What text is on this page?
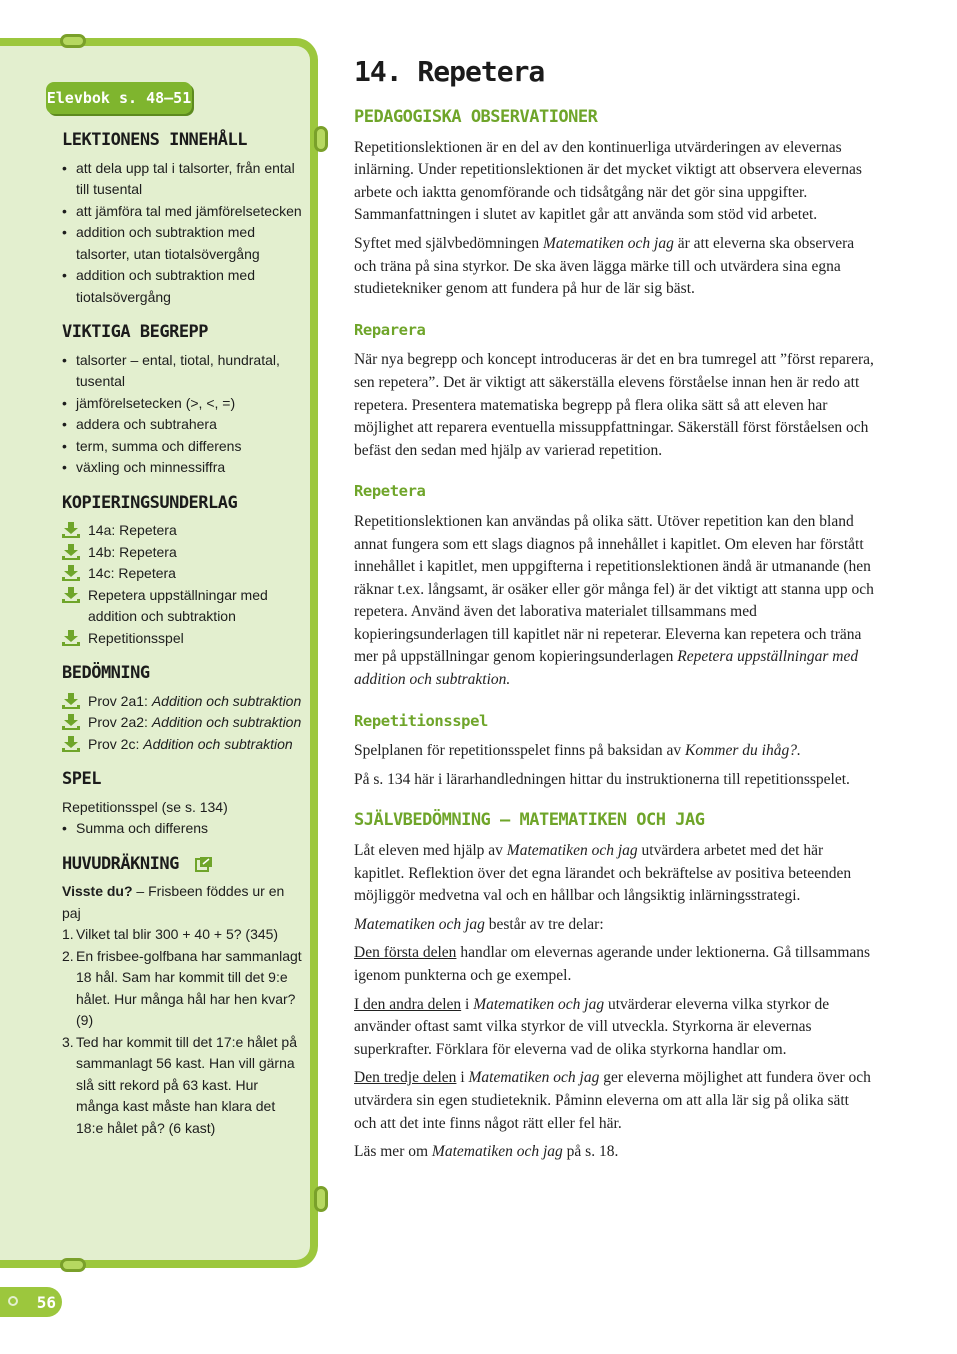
Elevbok s. 48–51
LEKTIONENS INNEHÅLL
• att dela upp tal i talsorter, från ental till tusental
• att jämföra tal med jämförelsetecken
• addition och subtraktion med talsorter, utan tiotalsövergång
• addition och subtraktion med tiotalsövergång
VIKTIGA BEGREPP
• talsorter – ental, tiotal, hundratal, tusental
• jämförelsetecken (>, <, =)
• addera och subtrahera
• term, summa och differens
• växling och minnessiffra
KOPIERINGSUNDERLAG
14a: Repetera
14b: Repetera
14c: Repetera
Repetera uppställningar med addition och subtraktion
Repetitionsspel
BEDÖMNING
Prov 2a1: Addition och subtraktion
Prov 2a2: Addition och subtraktion
Prov 2c: Addition och subtraktion
SPEL
Repetitionsspel (se s. 134)
• Summa och differens
HUVUDRÄKNING
Visste du? – Frisbeen föddes ur en paj
1. Vilket tal blir 300 + 40 + 5? (345)
2. En frisbee-golfbana har sammanlagt 18 hål. Sam har kommit till det 9:e hålet. Hur många hål har hen kvar? (9)
3. Ted har kommit till det 17:e hålet på sammanlagt 56 kast. Han vill gärna slå sitt rekord på 63 kast. Hur många kast måste han klara det 18:e hålet på? (6 kast)
56
14. Repetera
PEDAGOGISKA OBSERVATIONER

Repetitionslektionen är en del av den kontinuerliga utvärderingen av elevernas inlärning. Under repetitionslektionen är det mycket viktigt att observera elevernas arbete och iaktta genomförande och tidsåtgång när det gör sina uppgifter. Sammanfattningen i slutet av kapitlet går att använda som stöd vid arbetet.

Syftet med självbedömningen Matematiken och jag är att eleverna ska observera och träna på sina styrkor. De ska även lägga märke till och utvärdera sina egna studietekniker genom att fundera på hur de lär sig bäst.

Reparera

När nya begrepp och koncept introduceras är det en bra tumregel att ”först reparera, sen repetera”. Det är viktigt att säkerställa elevens förståelse innan hen är redo att repetera. Presentera matematiska begrepp på flera olika sätt så att eleven har möjlighet att reparera eventuella missuppfattningar. Säkerställ först förståelsen och befäst den sedan med hjälp av varierad repetition.

Repetera

Repetitionslektionen kan användas på olika sätt. Utöver repetition kan den bland annat fungera som ett slags diagnos på innehållet i kapitlet. Om eleven har förstått innehållet i kapitlet, men uppgifterna i repetitionslektionen ändå är utmanande (hen räknar t.ex. långsamt, är osäker eller gör många fel) är det viktigt att stanna upp och repetera. Använd även det laborativa materialet tillsammans med kopieringsunderlagen till kapitlet när ni repeterar. Eleverna kan repetera och träna mer på uppställningar genom kopieringsunderlagen Repetera uppställningar med addition och subtraktion.

Repetitionsspel

Spelplanen för repetitionsspelet finns på baksidan av Kommer du ihåg?.

På s. 134 här i lärarhandledningen hittar du instruktionerna till repetitionsspelet.

SJÄLVBEDÖMNING – MATEMATIKEN OCH JAG

Låt eleven med hjälp av Matematiken och jag utvärdera arbetet med det här kapitlet. Reflektion över det egna lärandet och bekräftelse av positiva beteenden möjliggör medvetna val och en hållbar och långsiktig inlärningsstrategi.

Matematiken och jag består av tre delar:

Den första delen handlar om elevernas agerande under lektionerna. Gå tillsammans igenom punkterna och ge exempel.

I den andra delen i Matematiken och jag utvärderar eleverna vilka styrkor de använder oftast samt vilka styrkor de vill utveckla. Styrkorna är elevernas superkrafter. Förklara för eleverna vad de olika styrkorna handlar om.

Den tredje delen i Matematiken och jag ger eleverna möjlighet att fundera över och utvärdera sin egen studieteknik. Påminn eleverna om att alla lär sig på olika sätt och att det inte finns något rätt eller fel här.

Läs mer om Matematiken och jag på s. 18.
